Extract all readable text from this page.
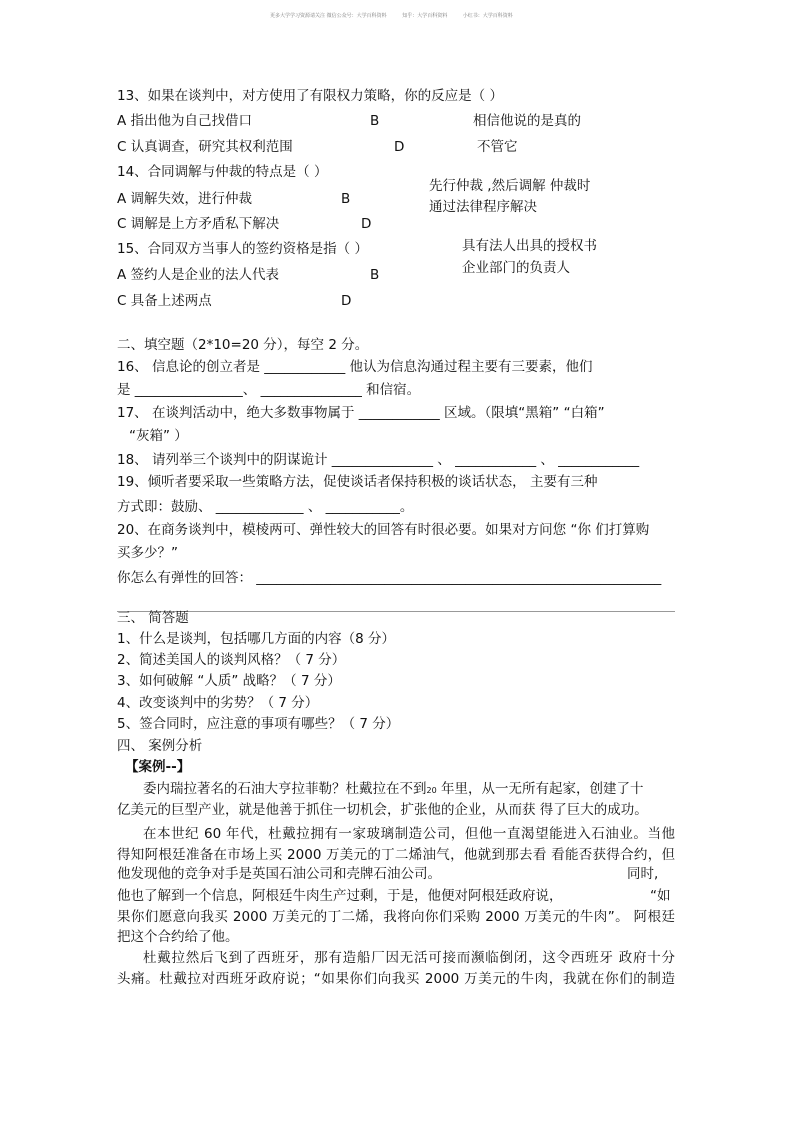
更多大学学习资源请关注 微信公众号：大学百科资料	知乎：大学百科资料	小红书：大学百科资料
13、如果在谈判中，对方使用了有限权力策略，你的反应是（ ）
A 指出他为自己找借口	B	相信他说的是真的
C 认真调查，研究其权利范围	D	不管它
14、合同调解与仲裁的特点是（ ）
A 调解失效，进行仲裁	B
先行仲裁 ,然后调解 仲裁时
通过法律程序解决
C 调解是上方矛盾私下解决	D
15、合同双方当事人的签约资格是指（ ）	具有法人出具的授权书
企业部门的负责人
A 签约人是企业的法人代表	B
C 具备上述两点	D
二、填空题（2*10=20 分），每空 2 分。
16、 信息论的创立者是 ____________ 他认为信息沟通过程主要有三要素，他们
是 ________________、 _______________ 和信宿。
17、 在谈判活动中，绝大多数事物属于 ____________ 区域。（限填“黑箱” “白箱”
“灰箱” ）
18、 请列举三个谈判中的阴谋诡计 _______________ 、 ____________ 、 ____________
19、倾听者要采取一些策略方法，促使谈话者保持积极的谈话状态， 主要有三种
方式即：鼓励、 _____________ 、 ___________。
20、在商务谈判中，模棱两可、弹性较大的回答有时很必要。如果对方问您 “你 们打算购
买多少？”
你怎么有弹性的回答： ____________________________________________________________
三、 简答题
1、什么是谈判，包括哪几方面的内容（8 分）
2、简述美国人的谈判风格？（ 7 分）
3、如何破解 “人质” 战略？（ 7 分）
4、改变谈判中的劣势？（ 7 分）
5、签合同时，应注意的事项有哪些？（ 7 分）
四、 案例分析
【案例--】
委内瑞拉著名的石油大亨拉菲勒？杜戴拉在不到20 年里，从一无所有起家，创建了十
亿美元的巨型产业，就是他善于抓住一切机会，扩张他的企业，从而获 得了巨大的成功。
在本世纪 60 年代，杜戴拉拥有一家玻璃制造公司，但他一直渴望能进入石油业。当他
得知阿根廷准备在市场上买 2000 万美元的丁二烯油气，他就到那去看 看能否获得合约，但
他发现他的竞争对手是英国石油公司和壳牌石油公司。	同时,
他也了解到一个信息，阿根廷牛肉生产过剩，于是，他便对阿根廷政府说，	“如
果你们愿意向我买 2000 万美元的丁二烯，我将向你们采购 2000 万美元的牛肉”。 阿根廷
把这个合约给了他。
杜戴拉然后飞到了西班牙，那有造船厂因无活可接而濒临倒闭，这令西班牙 政府十分
头痛。杜戴拉对西班牙政府说；“如果你们向我买 2000 万美元的牛肉，我就在你们的制造
